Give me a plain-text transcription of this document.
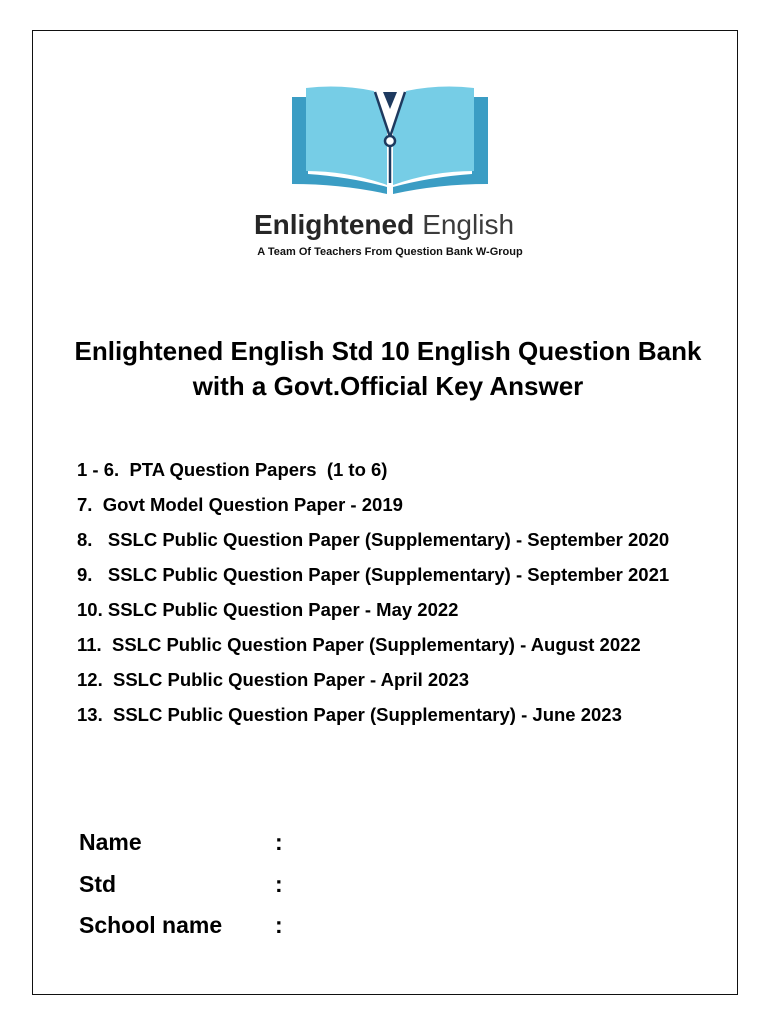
Enlightened English
A Team Of Teachers From Question Bank W-Group
Enlightened English Std 10 English Question Bank
with a Govt.Official Key Answer
1 - 6.  PTA Question Papers  (1 to 6)
7.  Govt Model Question Paper - 2019
8.   SSLC Public Question Paper (Supplementary) - September 2020
9.   SSLC Public Question Paper (Supplementary) - September 2021
10. SSLC Public Question Paper - May 2022
11.  SSLC Public Question Paper (Supplementary) - August 2022
12.  SSLC Public Question Paper - April 2023
13.  SSLC Public Question Paper (Supplementary) - June 2023
Name	:
Std	:
School name :
